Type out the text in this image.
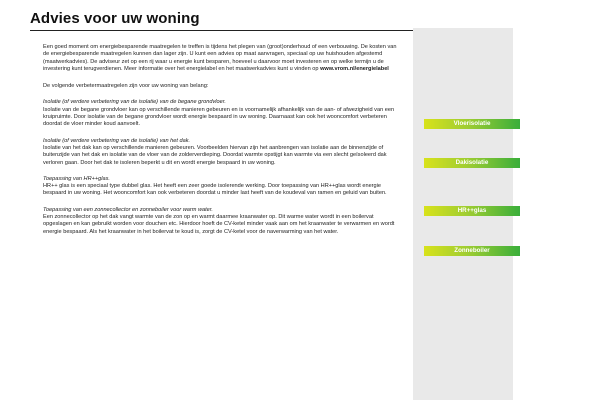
Advies voor uw woning

Een goed moment om energiebesparende maatregelen te treffen is tijdens het plegen van (groot)onderhoud of een verbouwing. De kosten van de energiebesparende maatregelen kunnen dan lager zijn. U kunt een advies op maat aanvragen, speciaal op uw huishouden afgestemd (maatwerkadvies). De adviseur zet op een rij waar u energie kunt besparen, hoeveel u daarvoor moet investeren en op welke termijn u de investering kunt terugverdienen. Meer informatie over het energielabel en het maatwerkadvies kunt u vinden op www.vrom.nl/energielabel

De volgende verbetermaatregelen zijn voor uw woning van belang:

Isolatie (of verdere verbetering van de isolatie) van de begane grondvloer.

Isolatie van de begane grondvloer kan op verschillende manieren gebeuren en is voornamelijk afhankelijk van de aan- of afwezigheid van een kruipruimte. Door isolatie van de begane grondvloer wordt energie bespaard in uw woning. Daarnaast kan ook het wooncomfort verbeteren doordat de vloer minder koud aanvoelt.

Isolatie (of verdere verbetering van de isolatie) van het dak.

Isolatie van het dak kan op verschillende manieren gebeuren. Voorbeelden hiervan zijn het aanbrengen van isolatie aan de binnenzijde of buitenzijde van het dak en isolatie van de vloer van de zolderverdieping. Doordat warmte opstijgt kan warmte via een slecht geïsoleerd dak verloren gaan. Door het dak te isoleren beperkt u dit en wordt energie bespaard in uw woning.

Toepassing van HR++glas.

HR++ glas is een speciaal type dubbel glas. Het heeft een zeer goede isolerende werking. Door toepassing van HR++glas wordt energie bespaard in uw woning. Het wooncomfort kan ook verbeteren doordat u minder last heeft van de koudeval van ramen en geluid van buiten.

Toepassing van een zonnecollector en zonneboiler voor warm water.

Een zonnecollector op het dak vangt warmte van de zon op en warmt daarmee kraanwater op. Dit warme water wordt in een boilervat opgeslagen en kan gebruikt worden voor douchen etc. Hierdoor hoeft de CV-ketel minder vaak aan om het kraanwater te verwarmen en wordt energie bespaard. Als het kraanwater in het boilervat te koud is, zorgt de CV-ketel voor de naverwarming van het water.

Vloerisolatie
Dakisolatie
HR++glas
Zonneboiler
